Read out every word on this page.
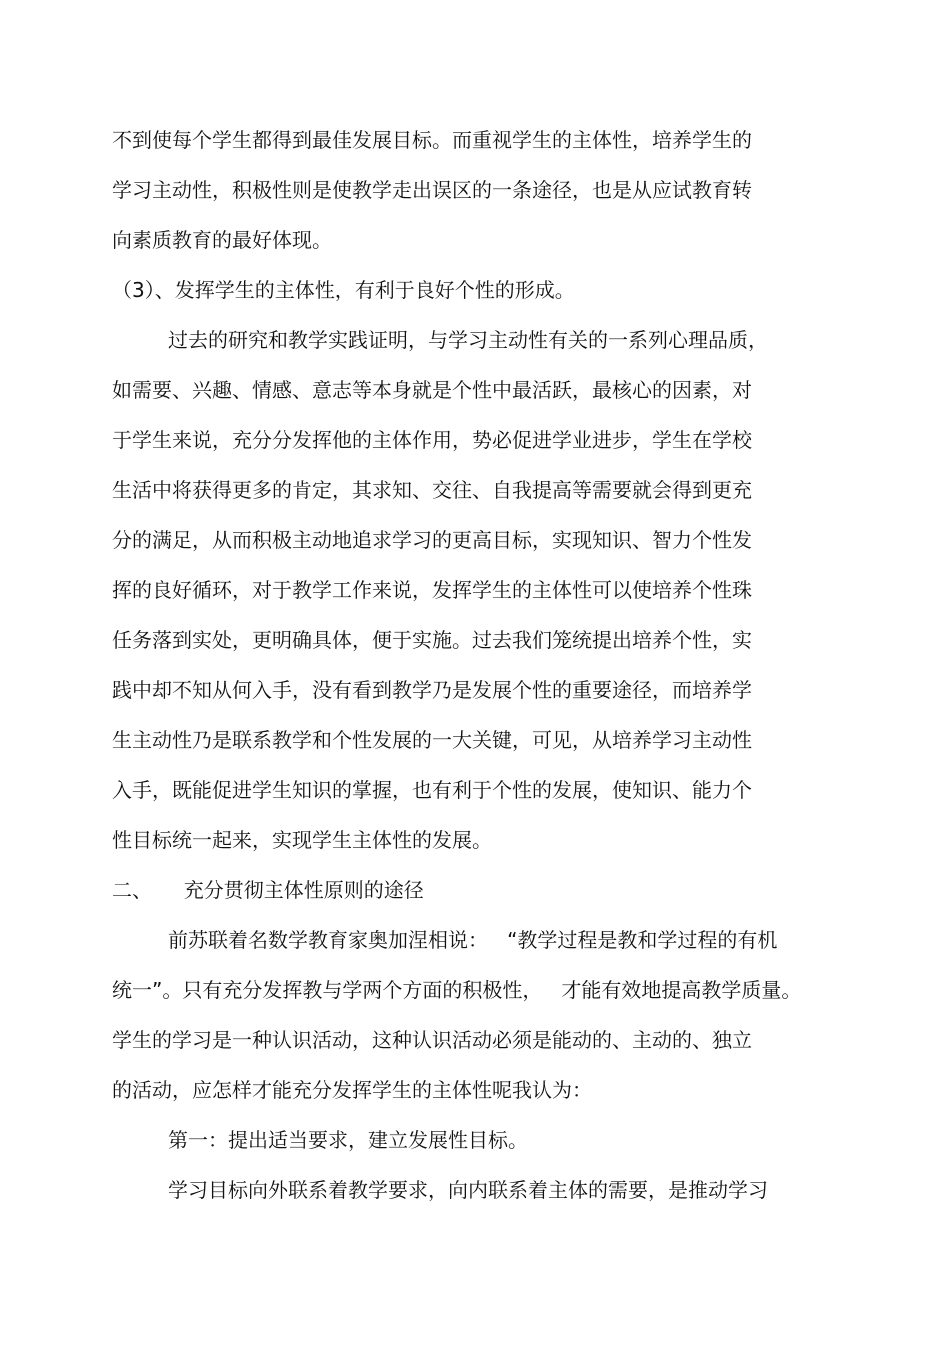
不到使每个学生都得到最佳发展目标。而重视学生的主体性，培养学生的
学习主动性，积极性则是使教学走出误区的一条途径，也是从应试教育转
向素质教育的最好体现。
（3）、发挥学生的主体性，有利于良好个性的形成。
过去的研究和教学实践证明，与学习主动性有关的一系列心理品质，
如需要、兴趣、情感、意志等本身就是个性中最活跃，最核心的因素，对
于学生来说，充分分发挥他的主体作用，势必促进学业进步，学生在学校
生活中将获得更多的肯定，其求知、交往、自我提高等需要就会得到更充
分的满足，从而积极主动地追求学习的更高目标，实现知识、智力个性发
挥的良好循环，对于教学工作来说，发挥学生的主体性可以使培养个性珠
任务落到实处，更明确具体，便于实施。过去我们笼统提出培养个性，实
践中却不知从何入手，没有看到教学乃是发展个性的重要途径，而培养学
生主动性乃是联系教学和个性发展的一大关键，可见，从培养学习主动性
入手，既能促进学生知识的掌握，也有利于个性的发展，使知识、能力个
性目标统一起来，实现学生主体性的发展。
二、     充分贯彻主体性原则的途径
前苏联着名数学教育家奥加涅相说：   “教学过程是教和学过程的有机
统一”。只有充分发挥教与学两个方面的积极性，   才能有效地提高教学质量。
学生的学习是一种认识活动，这种认识活动必须是能动的、主动的、独立
的活动，应怎样才能充分发挥学生的主体性呢我认为：
第一：提出适当要求，建立发展性目标。
学习目标向外联系着教学要求，向内联系着主体的需要，是推动学习
